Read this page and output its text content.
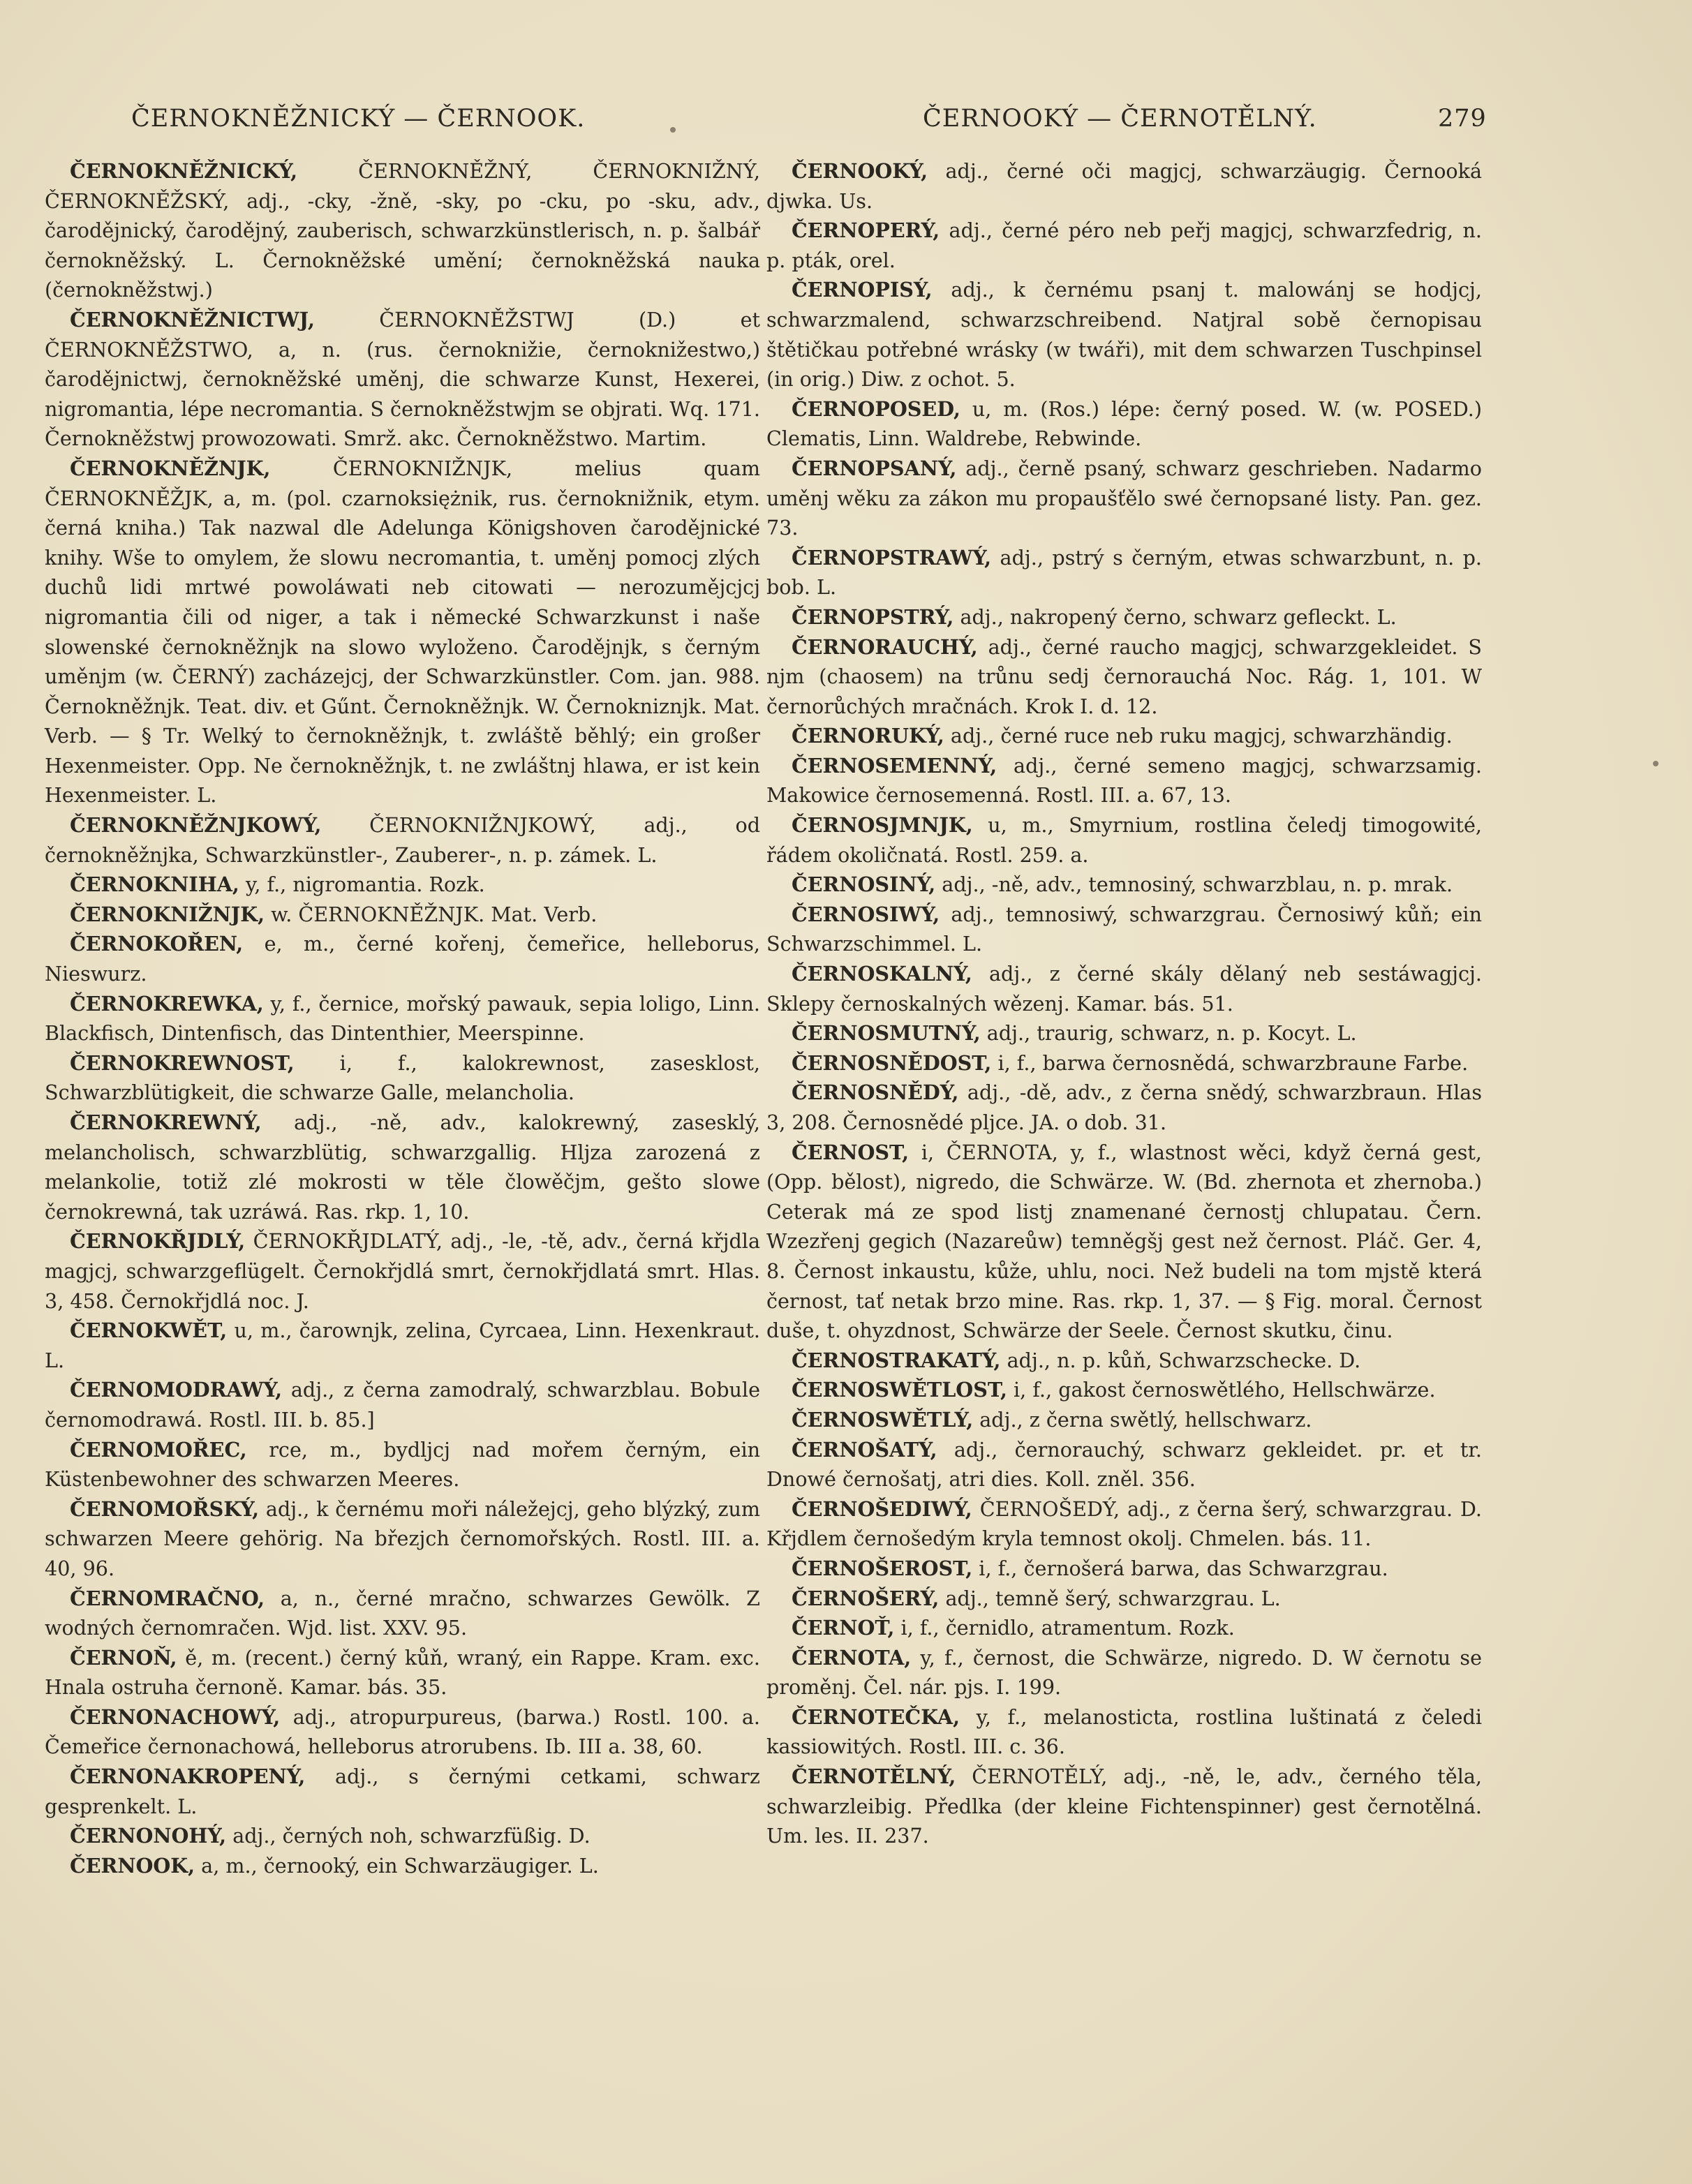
ČERNOKNĚŽNICKÝ — ČERNOOK.	ČERNOOKÝ — ČERNOTĚLNÝ.	279

ČERNOKNĚŽNICKÝ, ČERNOKNĚŽNÝ, ČERNOKNIŽNÝ, ČERNOKNĚŽSKÝ, adj., -cky, -žně, -sky, po -cku, po -sku, adv., čarodějnický, čarodějný, zauberisch, schwarzkünstlerisch, n. p. šalbář černokněžský. L. Černokněžské umění; černokněžská nauka (černokněžstwj.)

ČERNOKNĚŽNICTWJ, ČERNOKNĚŽSTWJ (D.) et ČERNOKNĚŽSTWO, a, n. (rus. černoknižie, černoknižestwo,) čarodějnictwj, černokněžské uměnj, die schwarze Kunst, Hexerei, nigromantia, lépe necromantia. S černokněžstwjm se objrati. Wq. 171. Černokněžstwj prowozowati. Smrž. akc. Černokněžstwo. Martim.

ČERNOKNĚŽNJK, ČERNOKNIŽNJK, melius quam ČERNOKNĚŽJK, a, m. (pol. czarnoksiężnik, rus. černoknižnik, etym. černá kniha.) Tak nazwal dle Adelunga Königshoven čarodějnické knihy. Wše to omylem, že slowu necromantia, t. uměnj pomocj zlých duchů lidi mrtwé powoláwati neb citowati — nerozumějcjcj nigromantia čili od niger, a tak i německé Schwarzkunst i naše slowenské černokněžnjk na slowo wyloženo. Čarodějnjk, s černým uměnjm (w. ČERNÝ) zacházejcj, der Schwarzkünstler. Com. jan. 988. Černokněžnjk. Teat. div. et Gűnt. Černokněžnjk. W. Černokniznjk. Mat. Verb. — § Tr. Welký to černokněžnjk, t. zwláště běhlý; ein großer Hexenmeister. Opp. Ne černokněžnjk, t. ne zwláštnj hlawa, er ist kein Hexenmeister. L.

ČERNOKNĚŽNJKOWÝ, ČERNOKNIŽNJKOWÝ, adj., od černokněžnjka, Schwarzkünstler-, Zauberer-, n. p. zámek. L.

ČERNOKNIHA, y, f., nigromantia. Rozk.

ČERNOKNIŽNJK, w. ČERNOKNĚŽNJK. Mat. Verb.

ČERNOKOŘEN, e, m., černé kořenj, čemeřice, helleborus, Nieswurz.

ČERNOKREWKA, y, f., černice, mořský pawauk, sepia loligo, Linn. Blackfisch, Dintenfisch, das Dintenthier, Meerspinne.

ČERNOKREWNOST, i, f., kalokrewnost, zasesklost, Schwarzblütigkeit, die schwarze Galle, melancholia.

ČERNOKREWNÝ, adj., -ně, adv., kalokrewný, zasesklý, melancholisch, schwarzblütig, schwarzgallig. Hljza zarozená z melankolie, totiž zlé mokrosti w těle člowěčjm, gešto slowe černokrewná, tak uzráwá. Ras. rkp. 1, 10.

ČERNOKŘJDLÝ, ČERNOKŘJDLATÝ, adj., -le, -tě, adv., černá křjdla magjcj, schwarzgeflügelt. Černokřjdlá smrt, černokřjdlatá smrt. Hlas. 3, 458. Černokřjdlá noc. J.

ČERNOKWĚT, u, m., čarownjk, zelina, Cyrcaea, Linn. Hexenkraut. L.

ČERNOMODRAWÝ, adj., z černa zamodralý, schwarzblau. Bobule černomodrawá. Rostl. III. b. 85.]

ČERNOMOŘEC, rce, m., bydljcj nad mořem černým, ein Küstenbewohner des schwarzen Meeres.

ČERNOMOŘSKÝ, adj., k černému moři náležejcj, geho blýzký, zum schwarzen Meere gehörig. Na březjch černomořských. Rostl. III. a. 40, 96.

ČERNOMRAČNO, a, n., černé mračno, schwarzes Gewölk. Z wodných černomračen. Wjd. list. XXV. 95.

ČERNOŇ, ě, m. (recent.) černý kůň, wraný, ein Rappe. Kram. exc. Hnala ostruha černoně. Kamar. bás. 35.

ČERNONACHOWÝ, adj., atropurpureus, (barwa.) Rostl. 100. a. Čemeřice černonachowá, helleborus atrorubens. Ib. III a. 38, 60.

ČERNONAKROPENÝ, adj., s černými cetkami, schwarz gesprenkelt. L.

ČERNONOHÝ, adj., černých noh, schwarzfüßig. D.

ČERNOOK, a, m., černooký, ein Schwarzäugiger. L.

ČERNOOKÝ, adj., černé oči magjcj, schwarzäugig. Černooká djwka. Us.

ČERNOPERÝ, adj., černé péro neb peřj magjcj, schwarzfedrig, n. p. pták, orel.

ČERNOPISÝ, adj., k černému psanj t. malowánj se hodjcj, schwarzmalend, schwarzschreibend. Natjral sobě černopisau štětičkau potřebné wrásky (w twáři), mit dem schwarzen Tuschpinsel (in orig.) Diw. z ochot. 5.

ČERNOPOSED, u, m. (Ros.) lépe: černý posed. W. (w. POSED.) Clematis, Linn. Waldrebe, Rebwinde.

ČERNOPSANÝ, adj., černě psaný, schwarz geschrieben. Nadarmo uměnj wěku za zákon mu propaušťělo swé černopsané listy. Pan. gez. 73.

ČERNOPSTRAWÝ, adj., pstrý s černým, etwas schwarzbunt, n. p. bob. L.

ČERNOPSTRÝ, adj., nakropený černo, schwarz gefleckt. L.

ČERNORAUCHÝ, adj., černé raucho magjcj, schwarzgekleidet. S njm (chaosem) na trůnu sedj černorauchá Noc. Rág. 1, 101. W černorůchých mračnách. Krok I. d. 12.

ČERNORUKÝ, adj., černé ruce neb ruku magjcj, schwarzhändig.

ČERNOSEMENNÝ, adj., černé semeno magjcj, schwarzsamig. Makowice černosemenná. Rostl. III. a. 67, 13.

ČERNOSJMNJK, u, m., Smyrnium, rostlina čeledj timogowité, řádem okoličnatá. Rostl. 259. a.

ČERNOSINÝ, adj., -ně, adv., temnosiný, schwarzblau, n. p. mrak.

ČERNOSIWÝ, adj., temnosiwý, schwarzgrau. Černosiwý kůň; ein Schwarzschimmel. L.

ČERNOSKALNÝ, adj., z černé skály dělaný neb sestáwagjcj. Sklepy černoskalných wězenj. Kamar. bás. 51.

ČERNOSMUTNÝ, adj., traurig, schwarz, n. p. Kocyt. L.

ČERNOSNĚDOST, i, f., barwa černosnědá, schwarzbraune Farbe.

ČERNOSNĚDÝ, adj., -dě, adv., z černa snědý, schwarzbraun. Hlas 3, 208. Černosnědé pljce. JA. o dob. 31.

ČERNOST, i, ČERNOTA, y, f., wlastnost wěci, když černá gest, (Opp. bělost), nigredo, die Schwärze. W. (Bd. zhernota et zhernoba.) Ceterak má ze spod listj znamenané černostj chlupatau. Čern. Wzezřenj gegich (Nazareůw) temněgšj gest než černost. Pláč. Ger. 4, 8. Černost inkaustu, kůže, uhlu, noci. Než budeli na tom mjstě která černost, tať netak brzo mine. Ras. rkp. 1, 37. — § Fig. moral. Černost duše, t. ohyzdnost, Schwärze der Seele. Černost skutku, činu.

ČERNOSTRAKATÝ, adj., n. p. kůň, Schwarzschecke. D.

ČERNOSWĚTLOST, i, f., gakost černoswětlého, Hellschwärze.

ČERNOSWĚTLÝ, adj., z černa swětlý, hellschwarz.

ČERNOŠATÝ, adj., černorauchý, schwarz gekleidet. pr. et tr. Dnowé černošatj, atri dies. Koll. zněl. 356.

ČERNOŠEDIWÝ, ČERNOŠEDÝ, adj., z černa šerý, schwarzgrau. D. Křjdlem černošedým kryla temnost okolj. Chmelen. bás. 11.

ČERNOŠEROST, i, f., černošerá barwa, das Schwarzgrau.

ČERNOŠERÝ, adj., temně šerý, schwarzgrau. L.

ČERNOŤ, i, f., černidlo, atramentum. Rozk.

ČERNOTA, y, f., černost, die Schwärze, nigredo. D. W černotu se proměnj. Čel. nár. pjs. I. 199.

ČERNOTEČKA, y, f., melanosticta, rostlina luštinatá z čeledi kassiowitých. Rostl. III. c. 36.

ČERNOTĚLNÝ, ČERNOTĚLÝ, adj., -ně, le, adv., černého těla, schwarzleibig. Předlka (der kleine Fichtenspinner) gest černotělná. Um. les. II. 237.
